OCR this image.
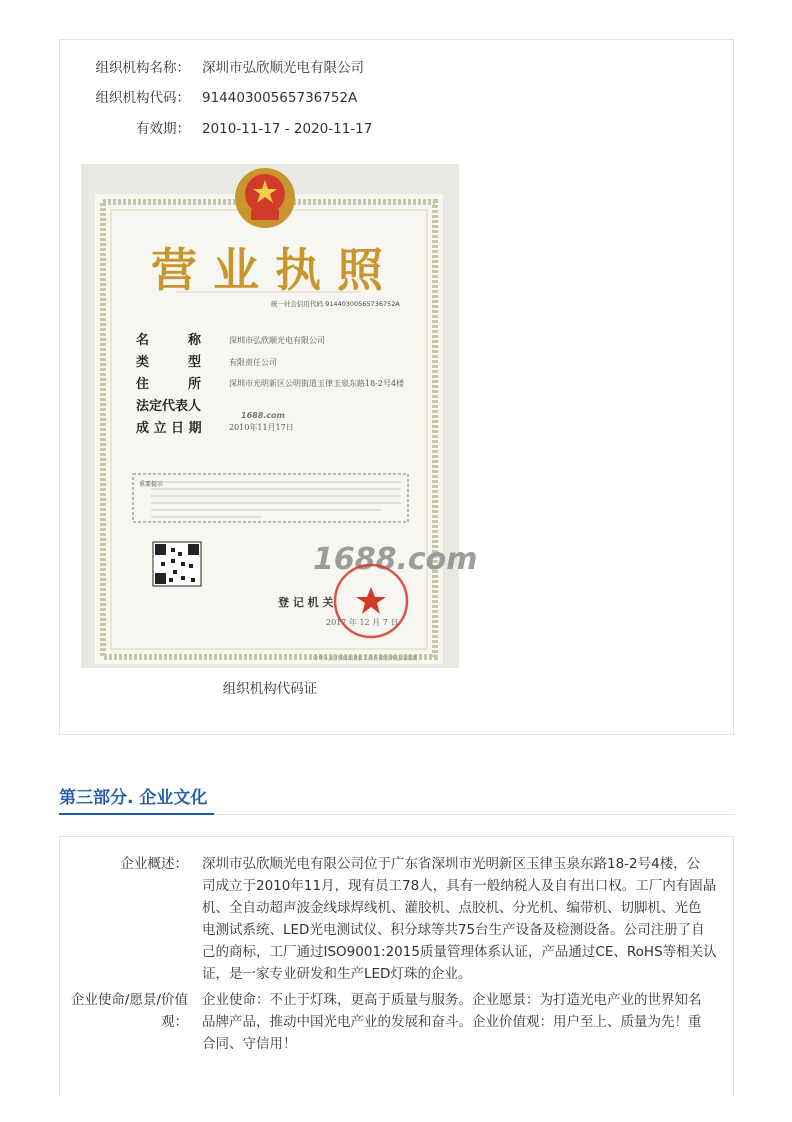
组织机构名称： 深圳市弘欣顺光电有限公司
组织机构代码： 91440300565736752A
有效期： 2010-11-17 - 2020-11-17
营 业 执 照
统一社会信用代码 91440300565736752A
名　　　称
类　　　型
住　　　所
法定代表人
成 立 日 期
深圳市弘欣顺光电有限公司
有限责任公司
深圳市光明新区公明街道玉律玉泉东路18-2号4楼
2010年11月17日
1688.com
重要提示
1688.com
登 记 机 关
2017 年 12 月 7 日
中华人民共和国国家工商行政管理总局监制
组织机构代码证
第三部分. 企业文化
企业概述： 深圳市弘欣顺光电有限公司位于广东省深圳市光明新区玉律玉泉东路18-2号4楼，公
司成立于2010年11月，现有员工78人，具有一般纳税人及自有出口权。工厂内有固晶
机、全自动超声波金线球焊线机、灌胶机、点胶机、分光机、编带机、切脚机、光色
电测试系统、LED光电测试仪、积分球等共75台生产设备及检测设备。公司注册了自
己的商标，工厂通过ISO9001:2015质量管理体系认证，产品通过CE、RoHS等相关认
证，是一家专业研发和生产LED灯珠的企业。
企业使命/愿景/价值
观：
企业使命：不止于灯珠，更高于质量与服务。企业愿景：为打造光电产业的世界知名
品牌产品，推动中国光电产业的发展和奋斗。企业价值观：用户至上、质量为先！重
合同、守信用！
